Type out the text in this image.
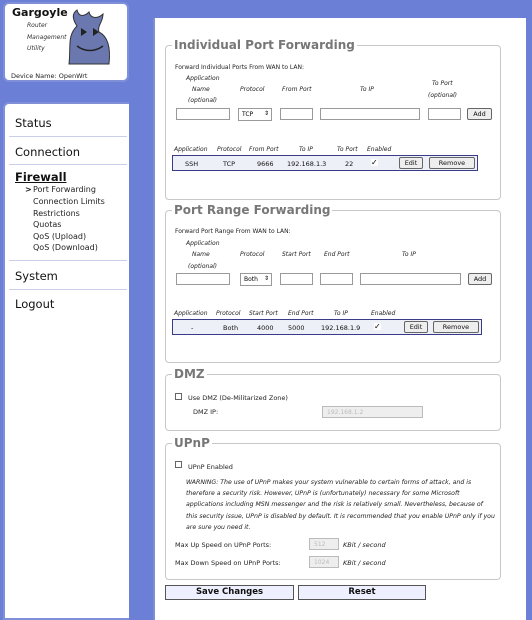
Gargoyle
Router
Management
Utility
Device Name: OpenWrt
Status
Connection
Firewall
> Port Forwarding
Connection Limits
Restrictions
Quotas
QoS (Upload)
QoS (Download)
System
Logout
Individual Port Forwarding
Forward Individual Ports From WAN to LAN:
Application
Name
(optional)
Protocol	From Port	To IP
To Port
(optional)
TCP ⇕	Add
Application Protocol From Port	To IP	To Port Enabled
SSH	TCP	9666 192.168.1.3	22 ✓	Edit	Remove
Port Range Forwarding
Forward Port Range From WAN to LAN:
Application
Name
(optional)
Protocol	Start Port End Port	To IP
Both ⇕	Add
Application Protocol Start Port End Port	To IP	Enabled
-	Both	4000 5000	192.168.1.9 ✓	Edit	Remove
DMZ
Use DMZ (De-Militarized Zone)
DMZ IP:	192.168.1.2
UPnP
UPnP Enabled
WARNING: The use of UPnP makes your system vulnerable to certain forms of attack, and is therefore a security risk. However, UPnP is (unfortunately) necessary for some Microsoft applications including MSN messenger and the risk is relatively small. Nevertheless, because of this security issue, UPnP is disabled by default. It is recommended that you enable UPnP only if you are sure you need it.
Max Up Speed on UPnP Ports:	512	KBit / second
Max Down Speed on UPnP Ports:	1024	KBit / second
Save Changes	Reset
